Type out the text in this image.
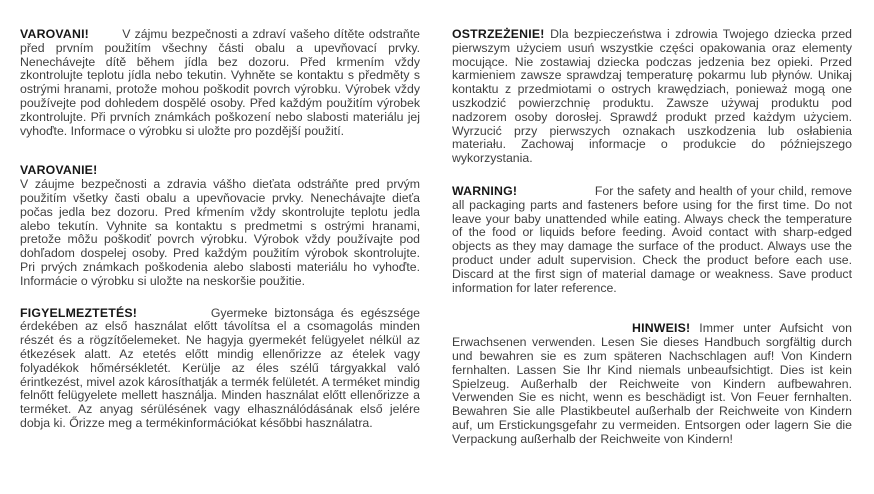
VAROVANI!	V zájmu bezpečnosti a zdraví vašeho dítěte odstraňte před prvním použitím všechny části obalu a upevňovací prvky. Nenechávejte dítě během jídla bez dozoru. Před krmením vždy zkontrolujte teplotu jídla nebo tekutin. Vyhněte se kontaktu s předměty s ostrými hranami, protože mohou poškodit povrch výrobku. Výrobek vždy používejte pod dohledem dospělé osoby. Před každým použitím výrobek zkontrolujte. Při prvních známkách poškození nebo slabosti materiálu jej vyhoďte. Informace o výrobku si uložte pro pozdější použití.

VAROVANIE!
V záujme bezpečnosti a zdravia vášho dieťata odstráňte pred prvým použitím všetky časti obalu a upevňovacie prvky. Nenechávajte dieťa počas jedla bez dozoru. Pred kŕmením vždy skontrolujte teplotu jedla alebo tekutín. Vyhnite sa kontaktu s predmetmi s ostrými hranami, pretože môžu poškodiť povrch výrobku. Výrobok vždy používajte pod dohľadom dospelej osoby. Pred každým použitím výrobok skontrolujte. Pri prvých známkach poškodenia alebo slabosti materiálu ho vyhoďte. Informácie o výrobku si uložte na neskoršie použitie.

FIGYELMEZTETÉS!	Gyermeke biztonsága és egészsége érdekében az első használat előtt távolítsa el a csomagolás minden részét és a rögzítőelemeket. Ne hagyja gyermekét felügyelet nélkül az étkezések alatt. Az etetés előtt mindig ellenőrizze az ételek vagy folyadékok hőmérsékletét. Kerülje az éles szélű tárgyakkal való érintkezést, mivel azok károsíthatják a termék felületét. A terméket mindig felnőtt felügyelete mellett használja. Minden használat előtt ellenőrizze a terméket. Az anyag sérülésének vagy elhasználódásának első jelére dobja ki. Őrizze meg a termékinformációkat későbbi használatra.

OSTRZEŻENIE! Dla bezpieczeństwa i zdrowia Twojego dziecka przed pierwszym użyciem usuń wszystkie części opakowania oraz elementy mocujące. Nie zostawiaj dziecka podczas jedzenia bez opieki. Przed karmieniem zawsze sprawdzaj temperaturę pokarmu lub płynów. Unikaj kontaktu z przedmiotami o ostrych krawędziach, ponieważ mogą one uszkodzić powierzchnię produktu. Zawsze używaj produktu pod nadzorem osoby dorosłej. Sprawdź produkt przed każdym użyciem. Wyrzucić przy pierwszych oznakach uszkodzenia lub osłabienia materiału. Zachowaj informacje o produkcie do późniejszego wykorzystania.

WARNING!	For the safety and health of your child, remove all packaging parts and fasteners before using for the first time. Do not leave your baby unattended while eating. Always check the temperature of the food or liquids before feeding. Avoid contact with sharp-edged objects as they may damage the surface of the product. Always use the product under adult supervision. Check the product before each use. Discard at the first sign of material damage or weakness. Save product information for later reference.

HINWEIS! Immer unter Aufsicht von Erwachsenen verwenden. Lesen Sie dieses Handbuch sorgfältig durch und bewahren sie es zum späteren Nachschlagen auf! Von Kindern fernhalten. Lassen Sie Ihr Kind niemals unbeaufsichtigt. Dies ist kein Spielzeug. Außerhalb der Reichweite von Kindern aufbewahren. Verwenden Sie es nicht, wenn es beschädigt ist. Von Feuer fernhalten. Bewahren Sie alle Plastikbeutel außerhalb der Reichweite von Kindern auf, um Erstickungsgefahr zu vermeiden. Entsorgen oder lagern Sie die Verpackung außerhalb der Reichweite von Kindern!
